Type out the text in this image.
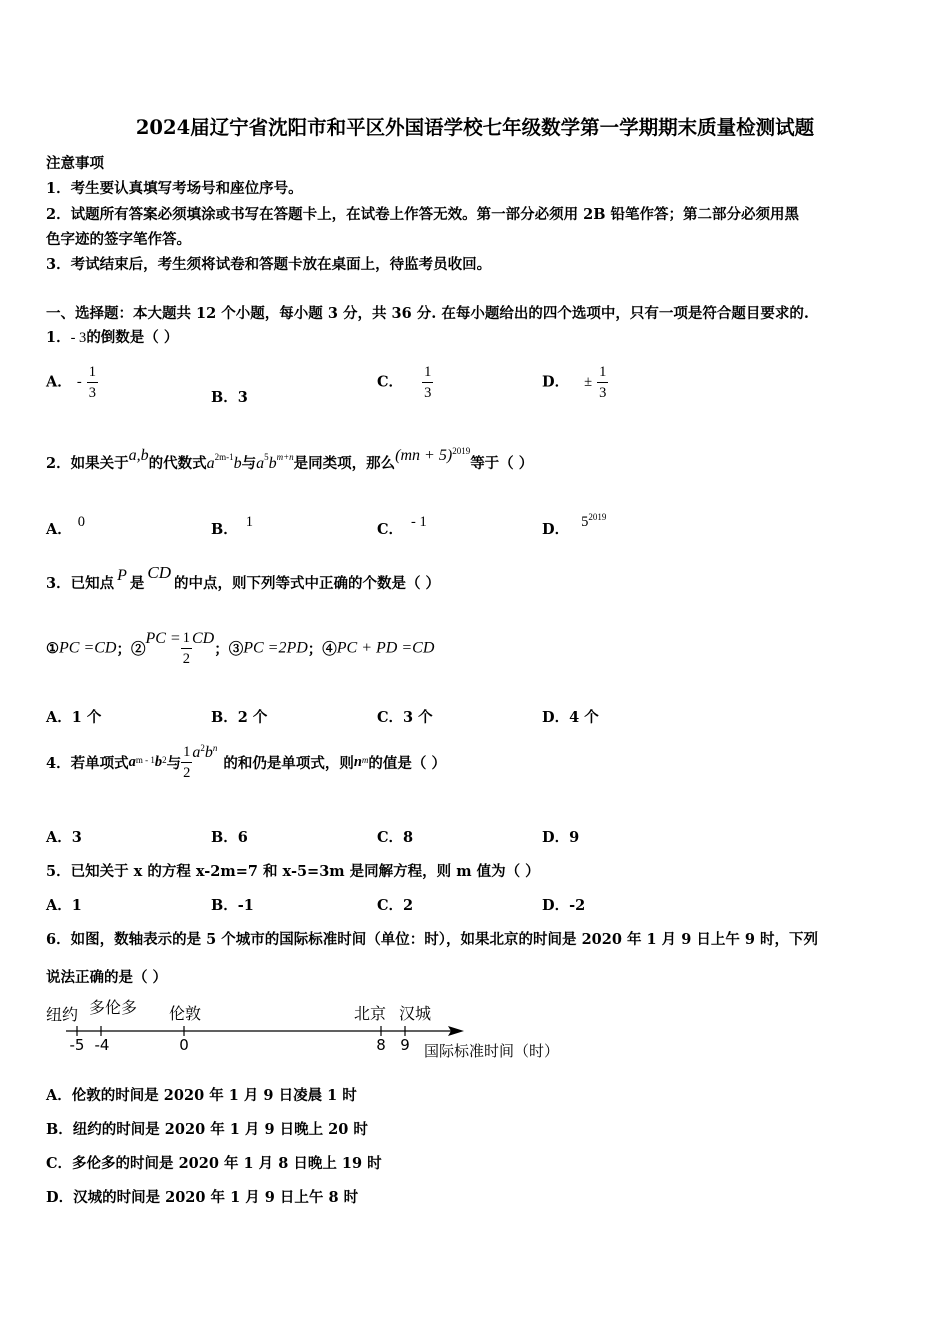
2024届辽宁省沈阳市和平区外国语学校七年级数学第一学期期末质量检测试题
注意事项
1．考生要认真填写考场号和座位序号。
2．试题所有答案必须填涂或书写在答题卡上，在试卷上作答无效。第一部分必须用 2B 铅笔作答；第二部分必须用黑
色字迹的签字笔作答。
3．考试结束后，考生须将试卷和答题卡放在桌面上，待监考员收回。
一、选择题：本大题共 12 个小题，每小题 3 分，共 36 分. 在每小题给出的四个选项中，只有一项是符合题目要求的.
1．- 3的倒数是（ ）
A． - $\frac{1}{3}$	B．3
C． $\frac{1}{3}$	D． ± $\frac{1}{3}$
2．如果关于a,b的代数式$a^{2m-1}b$与$a^5b^{m+n}$是同类项，那么(mn + 5)$^{2019}$等于（ ）
A． 0	B． 1	C． - 1	D． $5^{2019}$
3．已知点 P 是CD的中点，则下列等式中正确的个数是（ ）
①PC =CD；②PC = $\frac{1}{2}$ CD；③PC =2PD；④PC + PD =CD
A．1 个	B．2 个	C．3 个	D．4 个
4．若单项式$a^{m - 1}b^2$与 $\frac{1}{2} a^2b^n$的和仍是单项式，则$n^m$的值是（ ）
A．3	B．6	C．8	D．9
5．已知关于 x 的方程 x-2m=7 和 x-5=3m 是同解方程，则 m 值为（ ）
A．1	B．-1	C．2	D．-2
6．如图，数轴表示的是 5 个城市的国际标准时间（单位：时），如果北京的时间是 2020 年 1 月 9 日上午 9 时，下列
说法正确的是（ ）
纽约 多伦多 伦敦	北京 汉城
-5 -4	0	8 9 国际标准时间（时）
A．伦敦的时间是 2020 年 1 月 9 日凌晨 1 时
B．纽约的时间是 2020 年 1 月 9 日晚上 20 时
C．多伦多的时间是 2020 年 1 月 8 日晚上 19 时
D．汉城的时间是 2020 年 1 月 9 日上午 8 时
